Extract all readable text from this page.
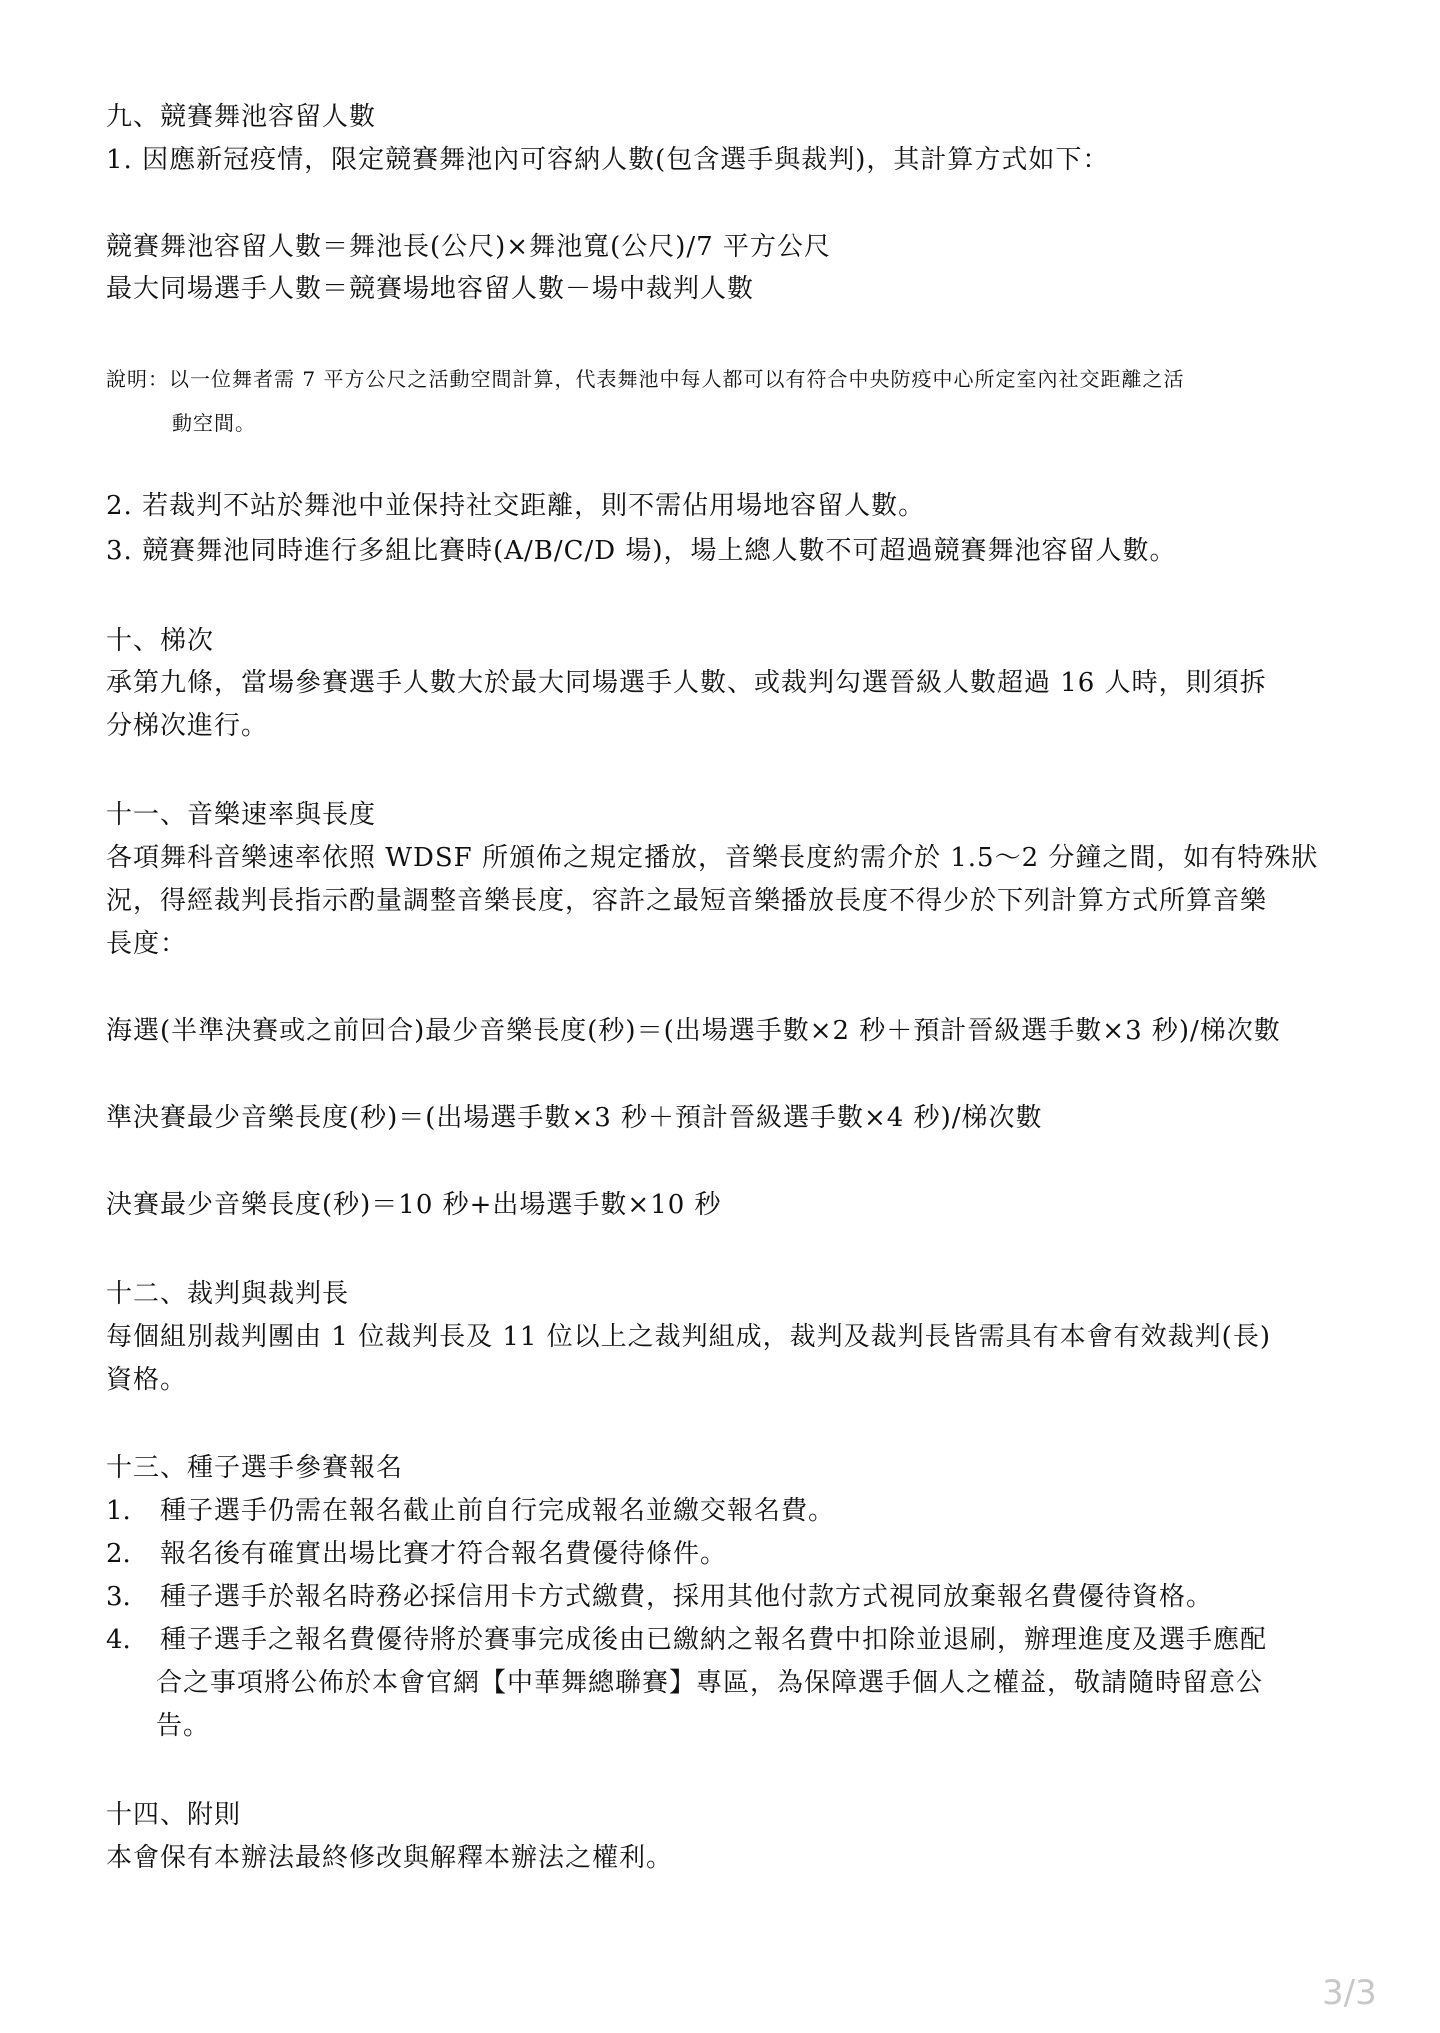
九、競賽舞池容留人數
1. 因應新冠疫情，限定競賽舞池內可容納人數(包含選手與裁判)，其計算方式如下：
競賽舞池容留人數＝舞池長(公尺)×舞池寬(公尺)/7 平方公尺
最大同場選手人數＝競賽場地容留人數－場中裁判人數
說明：以一位舞者需 7 平方公尺之活動空間計算，代表舞池中每人都可以有符合中央防疫中心所定室內社交距離之活
動空間。
2. 若裁判不站於舞池中並保持社交距離，則不需佔用場地容留人數。
3. 競賽舞池同時進行多組比賽時(A/B/C/D 場)，場上總人數不可超過競賽舞池容留人數。
十、梯次
承第九條，當場參賽選手人數大於最大同場選手人數、或裁判勾選晉級人數超過 16 人時，則須拆
分梯次進行。
十一、音樂速率與長度
各項舞科音樂速率依照 WDSF 所頒佈之規定播放，音樂長度約需介於 1.5～2 分鐘之間，如有特殊狀
況，得經裁判長指示酌量調整音樂長度，容許之最短音樂播放長度不得少於下列計算方式所算音樂
長度：
海選(半準決賽或之前回合)最少音樂長度(秒)＝(出場選手數×2 秒＋預計晉級選手數×3 秒)/梯次數
準決賽最少音樂長度(秒)＝(出場選手數×3 秒＋預計晉級選手數×4 秒)/梯次數
決賽最少音樂長度(秒)＝10 秒+出場選手數×10 秒
十二、裁判與裁判長
每個組別裁判團由 1 位裁判長及 11 位以上之裁判組成，裁判及裁判長皆需具有本會有效裁判(長)
資格。
十三、種子選手參賽報名
1. 種子選手仍需在報名截止前自行完成報名並繳交報名費。
2. 報名後有確實出場比賽才符合報名費優待條件。
3. 種子選手於報名時務必採信用卡方式繳費，採用其他付款方式視同放棄報名費優待資格。
4. 種子選手之報名費優待將於賽事完成後由已繳納之報名費中扣除並退刷，辦理進度及選手應配
合之事項將公佈於本會官網【中華舞總聯賽】專區，為保障選手個人之權益，敬請隨時留意公
告。
十四、附則
本會保有本辦法最終修改與解釋本辦法之權利。
3/3
